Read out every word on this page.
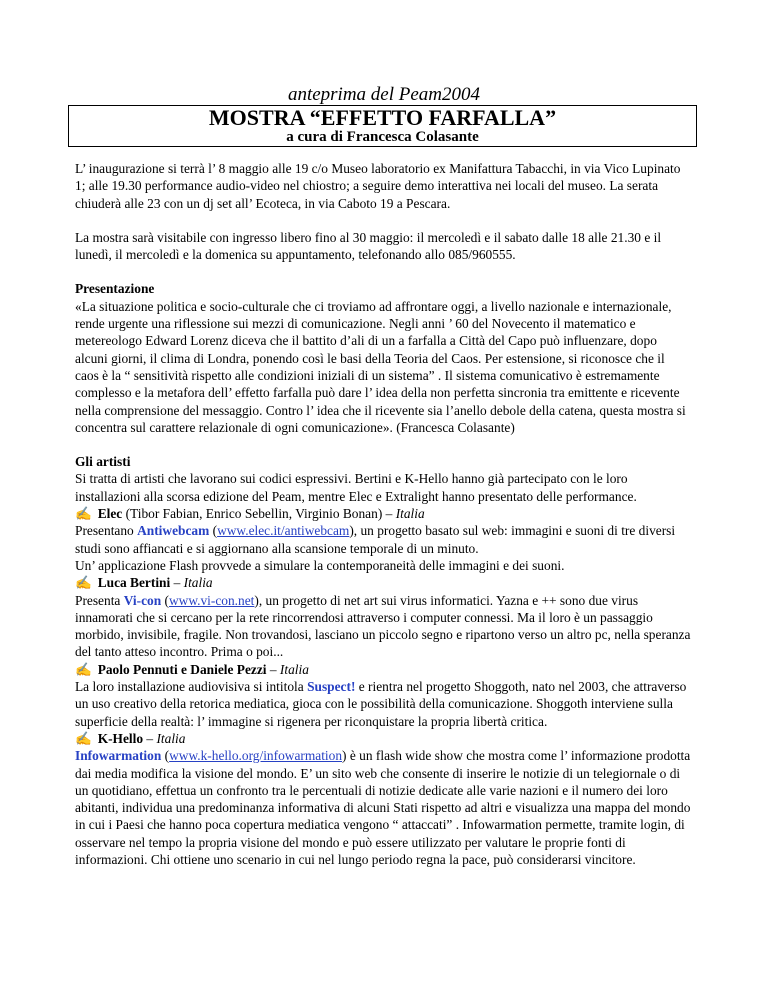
anteprima del Peam2004
MOSTRA “EFFETTO FARFALLA”
a cura di Francesca Colasante

L’ inaugurazione si terrà l’ 8 maggio alle 19 c/o Museo laboratorio ex Manifattura Tabacchi, in via Vico Lupinato 1; alle 19.30 performance audio-video nel chiostro; a seguire demo interattiva nei locali del museo. La serata chiuderà alle 23 con un dj set all’ Ecoteca, in via Caboto 19 a Pescara.

La mostra sarà visitabile con ingresso libero fino al 30 maggio: il mercoledì e il sabato dalle 18 alle 21.30 e il lunedì, il mercoledì e la domenica su appuntamento, telefonando allo 085/960555.

Presentazione

«La situazione politica e socio-culturale che ci troviamo ad affrontare oggi, a livello nazionale e internazionale, rende urgente una riflessione sui mezzi di comunicazione. Negli anni ’ 60 del Novecento il matematico e metereologo Edward Lorenz diceva che il battito d’ali di un a farfalla a Città del Capo può influenzare, dopo alcuni giorni, il clima di Londra, ponendo così le basi della Teoria del Caos. Per estensione, si riconosce che il caos è la “ sensitività rispetto alle condizioni iniziali di un sistema” . Il sistema comunicativo è estremamente complesso e la metafora dell’ effetto farfalla può dare l’ idea della non perfetta sincronia tra emittente e ricevente nella comprensione del messaggio. Contro l’ idea che il ricevente sia l’anello debole della catena, questa mostra si concentra sul carattere relazionale di ogni comunicazione». (Francesca Colasante)

Gli artisti

Si tratta di artisti che lavorano sui codici espressivi. Bertini e K-Hello hanno già partecipato con le loro installazioni alla scorsa edizione del Peam, mentre Elec e Extralight hanno presentato delle performance.

✍ Elec (Tibor Fabian, Enrico Sebellin, Virginio Bonan) – Italia

Presentano Antiwebcam (www.elec.it/antiwebcam), un progetto basato sul web: immagini e suoni di tre diversi studi sono affiancati e si aggiornano alla scansione temporale di un minuto.

Un’ applicazione Flash provvede a simulare la contemporaneità delle immagini e dei suoni.

✍ Luca Bertini – Italia

Presenta Vi-con (www.vi-con.net), un progetto di net art sui virus informatici. Yazna e ++ sono due virus innamorati che si cercano per la rete rincorrendosi attraverso i computer connessi. Ma il loro è un passaggio morbido, invisibile, fragile. Non trovandosi, lasciano un piccolo segno e ripartono verso un altro pc, nella speranza del tanto atteso incontro. Prima o poi...

✍ Paolo Pennuti e Daniele Pezzi – Italia

La loro installazione audiovisiva si intitola Suspect! e rientra nel progetto Shoggoth, nato nel 2003, che attraverso un uso creativo della retorica mediatica, gioca con le possibilità della comunicazione. Shoggoth interviene sulla superficie della realtà: l’ immagine si rigenera per riconquistare la propria libertà critica.

✍ K-Hello – Italia

Infowarmation (www.k-hello.org/infowarmation) è un flash wide show che mostra come l’ informazione prodotta dai media modifica la visione del mondo. E’ un sito web che consente di inserire le notizie di un telegiornale o di un quotidiano, effettua un confronto tra le percentuali di notizie dedicate alle varie nazioni e il numero dei loro abitanti, individua una predominanza informativa di alcuni Stati rispetto ad altri e visualizza una mappa del mondo in cui i Paesi che hanno poca copertura mediatica vengono “ attaccati” . Infowarmation permette, tramite login, di osservare nel tempo la propria visione del mondo e può essere utilizzato per valutare le proprie fonti di informazioni. Chi ottiene uno scenario in cui nel lungo periodo regna la pace, può considerarsi vincitore.
